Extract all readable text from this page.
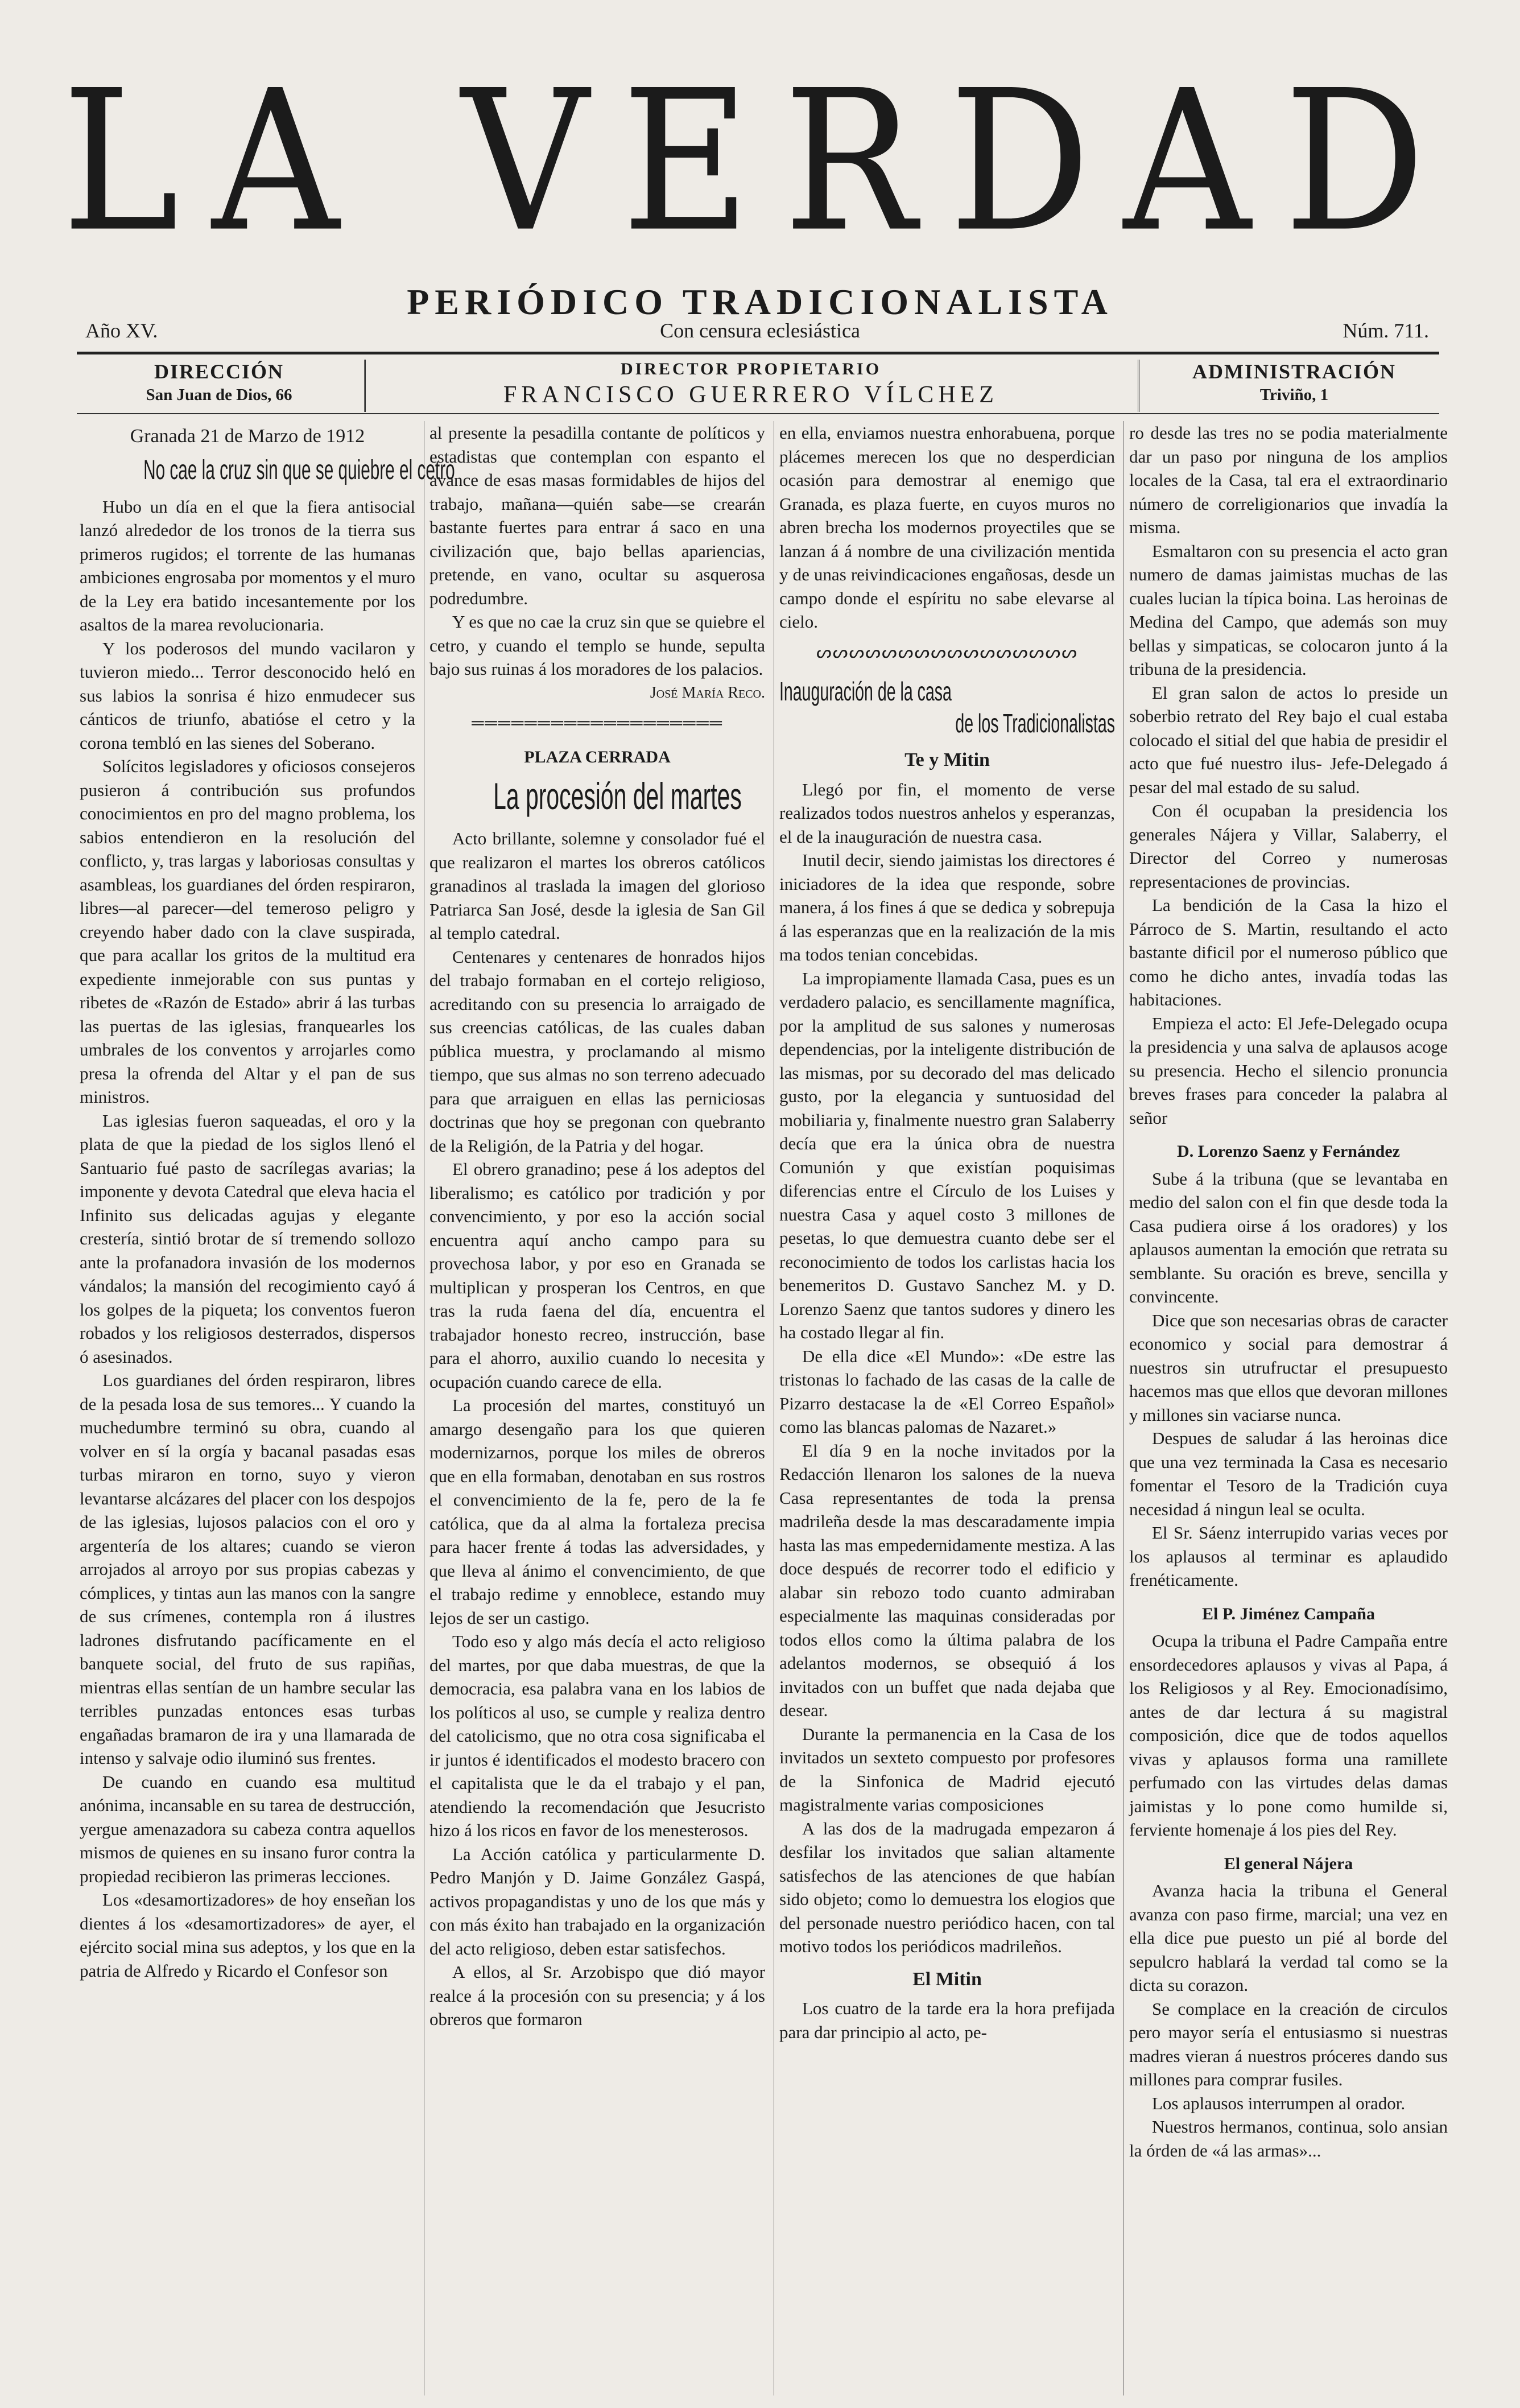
LA VERDAD
PERIÓDICO TRADICIONALISTA
Año XV.	Con censura eclesiástica	Núm. 711.
DIRECCIÓN
San Juan de Dios, 66
DIRECTOR PROPIETARIO
FRANCISCO GUERRERO VÍLCHEZ
ADMINISTRACIÓN
Triviño, 1
Granada 21 de Marzo de 1912
No cae la cruz sin que se quiebre el cetro

Hubo un día en el que la fiera antisocial lanzó alrededor de los tronos de la tierra sus primeros rugidos; el torrente de las humanas ambiciones engrosaba por momentos y el muro de la Ley era batido incesantemente por los asaltos de la marea revolucionaria.

Y los poderosos del mundo vacilaron y tuvieron miedo... Terror desconocido heló en sus labios la sonrisa é hizo enmudecer sus cánticos de triunfo, abatióse el cetro y la corona tembló en las sienes del Soberano.

Solícitos legisladores y oficiosos consejeros pusieron á contribución sus profundos conocimientos en pro del magno problema, los sabios entendieron en la resolución del conflicto, y, tras largas y laboriosas consultas y asambleas, los guardianes del órden respiraron, libres—al parecer—del temeroso peligro y creyendo haber dado con la clave suspirada, que para acallar los gritos de la multitud era expediente inmejorable con sus puntas y ribetes de «Razón de Estado» abrir á las turbas las puertas de las iglesias, franquearles los umbrales de los conventos y arrojarles como presa la ofrenda del Altar y el pan de sus ministros.

Las iglesias fueron saqueadas, el oro y la plata de que la piedad de los siglos llenó el Santuario fué pasto de sacrílegas avarias; la imponente y devota Catedral que eleva hacia el Infinito sus delicadas agujas y elegante crestería, sintió brotar de sí tremendo sollozo ante la profanadora invasión de los modernos vándalos; la mansión del recogimiento cayó á los golpes de la piqueta; los conventos fueron robados y los religiosos desterrados, dispersos ó asesinados.

Los guardianes del órden respiraron, libres de la pesada losa de sus temores... Y cuando la muchedumbre terminó su obra, cuando al volver en sí la orgía y bacanal pasadas esas turbas miraron en torno, suyo y vieron levantarse alcázares del placer con los despojos de las iglesias, lujosos palacios con el oro y argentería de los altares; cuando se vieron arrojados al arroyo por sus propias cabezas y cómplices, y tintas aun las manos con la sangre de sus crímenes, contempla ron á ilustres ladrones disfrutando pacíficamente en el banquete social, del fruto de sus rapiñas, mientras ellas sentían de un hambre secular las terribles punzadas entonces esas turbas engañadas bramaron de ira y una llamarada de intenso y salvaje odio iluminó sus frentes.

De cuando en cuando esa multitud anónima, incansable en su tarea de destrucción, yergue amenazadora su cabeza contra aquellos mismos de quienes en su insano furor contra la propiedad recibieron las primeras lecciones.

Los «desamortizadores» de hoy enseñan los dientes á los «desamortizadores» de ayer, el ejército social mina sus adeptos, y los que en la patria de Alfredo y Ricardo el Confesor son

al presente la pesadilla contante de políticos y estadistas que contemplan con espanto el avance de esas masas formidables de hijos del trabajo, mañana—quién sabe—se crearán bastante fuertes para entrar á saco en una civilización que, bajo bellas apariencias, pretende, en vano, ocultar su asquerosa podredumbre.

Y es que no cae la cruz sin que se quiebre el cetro, y cuando el templo se hunde, sepulta bajo sus ruinas á los moradores de los palacios.

José María Reco.
═══════════════════
PLAZA CERRADA
La procesión del martes

Acto brillante, solemne y consolador fué el que realizaron el martes los obreros católicos granadinos al traslada la imagen del glorioso Patriarca San José, desde la iglesia de San Gil al templo catedral.

Centenares y centenares de honrados hijos del trabajo formaban en el cortejo religioso, acreditando con su presencia lo arraigado de sus creencias católicas, de las cuales daban pública muestra, y proclamando al mismo tiempo, que sus almas no son terreno adecuado para que arraiguen en ellas las perniciosas doctrinas que hoy se pregonan con quebranto de la Religión, de la Patria y del hogar.

El obrero granadino; pese á los adeptos del liberalismo; es católico por tradición y por convencimiento, y por eso la acción social encuentra aquí ancho campo para su provechosa labor, y por eso en Granada se multiplican y prosperan los Centros, en que tras la ruda faena del día, encuentra el trabajador honesto recreo, instrucción, base para el ahorro, auxilio cuando lo necesita y ocupación cuando carece de ella.

La procesión del martes, constituyó un amargo desengaño para los que quieren modernizarnos, porque los miles de obreros que en ella formaban, denotaban en sus rostros el convencimiento de la fe, pero de la fe católica, que da al alma la fortaleza precisa para hacer frente á todas las adversidades, y que lleva al ánimo el convencimiento, de que el trabajo redime y ennoblece, estando muy lejos de ser un castigo.

Todo eso y algo más decía el acto religioso del martes, por que daba muestras, de que la democracia, esa palabra vana en los labios de los políticos al uso, se cumple y realiza dentro del catolicismo, que no otra cosa significaba el ir juntos é identificados el modesto bracero con el capitalista que le da el trabajo y el pan, atendiendo la recomendación que Jesucristo hizo á los ricos en favor de los menesterosos.

La Acción católica y particularmente D. Pedro Manjón y D. Jaime González Gaspá, activos propagandistas y uno de los que más y con más éxito han trabajado en la organización del acto religioso, deben estar satisfechos.

A ellos, al Sr. Arzobispo que dió mayor realce á la procesión con su presencia; y á los obreros que formaron

en ella, enviamos nuestra enhorabuena, porque plácemes merecen los que no desperdician ocasión para demostrar al enemigo que Granada, es plaza fuerte, en cuyos muros no abren brecha los modernos proyectiles que se lanzan á á nombre de una civilización mentida y de unas reivindicaciones engañosas, desde un campo donde el espíritu no sabe elevarse al cielo.

ᔕᔕᔕᔕᔕᔕᔕᔕᔕᔕᔕᔕᔕᔕᔕᔕ
Inauguración de la casa
de los Tradicionalistas
Te y Mitin

Llegó por fin, el momento de verse realizados todos nuestros anhelos y esperanzas, el de la inauguración de nuestra casa.

Inutil decir, siendo jaimistas los directores é iniciadores de la idea que responde, sobre manera, á los fines á que se dedica y sobrepuja á las esperanzas que en la realización de la mis ma todos tenian concebidas.

La impropiamente llamada Casa, pues es un verdadero palacio, es sencillamente magnífica, por la amplitud de sus salones y numerosas dependencias, por la inteligente distribución de las mismas, por su decorado del mas delicado gusto, por la elegancia y suntuosidad del mobiliaria y, finalmente nuestro gran Salaberry decía que era la única obra de nuestra Comunión y que existían poquisimas diferencias entre el Círculo de los Luises y nuestra Casa y aquel costo 3 millones de pesetas, lo que demuestra cuanto debe ser el reconocimiento de todos los carlistas hacia los benemeritos D. Gustavo Sanchez M. y D. Lorenzo Saenz que tantos sudores y dinero les ha costado llegar al fin.

De ella dice «El Mundo»: «De estre las tristonas lo fachado de las casas de la calle de Pizarro destacase la de «El Correo Español» como las blancas palomas de Nazaret.»

El día 9 en la noche invitados por la Redacción llenaron los salones de la nueva Casa representantes de toda la prensa madrileña desde la mas descaradamente impia hasta las mas empedernidamente mestiza. A las doce después de recorrer todo el edificio y alabar sin rebozo todo cuanto admiraban especialmente las maquinas consideradas por todos ellos como la última palabra de los adelantos modernos, se obsequió á los invitados con un buffet que nada dejaba que desear.

Durante la permanencia en la Casa de los invitados un sexteto compuesto por profesores de la Sinfonica de Madrid ejecutó magistralmente varias composiciones

A las dos de la madrugada empezaron á desfilar los invitados que salian altamente satisfechos de las atenciones de que habían sido objeto; como lo demuestra los elogios que del personade nuestro periódico hacen, con tal motivo todos los periódicos madrileños.

El Mitin

Los cuatro de la tarde era la hora prefijada para dar principio al acto, pe-

ro desde las tres no se podia materialmente dar un paso por ninguna de los amplios locales de la Casa, tal era el extraordinario número de correligionarios que invadía la misma.

Esmaltaron con su presencia el acto gran numero de damas jaimistas muchas de las cuales lucian la típica boina. Las heroinas de Medina del Campo, que además son muy bellas y simpaticas, se colocaron junto á la tribuna de la presidencia.

El gran salon de actos lo preside un soberbio retrato del Rey bajo el cual estaba colocado el sitial del que habia de presidir el acto que fué nuestro ilus- Jefe-Delegado á pesar del mal estado de su salud.

Con él ocupaban la presidencia los generales Nájera y Villar, Salaberry, el Director del Correo y numerosas representaciones de provincias.

La bendición de la Casa la hizo el Párroco de S. Martin, resultando el acto bastante dificil por el numeroso público que como he dicho antes, invadía todas las habitaciones.

Empieza el acto: El Jefe-Delegado ocupa la presidencia y una salva de aplausos acoge su presencia. Hecho el silencio pronuncia breves frases para conceder la palabra al señor

D. Lorenzo Saenz y Fernández

Sube á la tribuna (que se levantaba en medio del salon con el fin que desde toda la Casa pudiera oirse á los oradores) y los aplausos aumentan la emoción que retrata su semblante. Su oración es breve, sencilla y convincente.

Dice que son necesarias obras de caracter economico y social para demostrar á nuestros sin utrufructar el presupuesto hacemos mas que ellos que devoran millones y millones sin vaciarse nunca.

Despues de saludar á las heroinas dice que una vez terminada la Casa es necesario fomentar el Tesoro de la Tradición cuya necesidad á ningun leal se oculta.

El Sr. Sáenz interrupido varias veces por los aplausos al terminar es aplaudido frenéticamente.

El P. Jiménez Campaña

Ocupa la tribuna el Padre Campaña entre ensordecedores aplausos y vivas al Papa, á los Religiosos y al Rey. Emocionadísimo, antes de dar lectura á su magistral composición, dice que de todos aquellos vivas y aplausos forma una ramillete perfumado con las virtudes delas damas jaimistas y lo pone como humilde si, ferviente homenaje á los pies del Rey.

El general Nájera

Avanza hacia la tribuna el General avanza con paso firme, marcial; una vez en ella dice pue puesto un pié al borde del sepulcro hablará la verdad tal como se la dicta su corazon.

Se complace en la creación de circulos pero mayor sería el entusiasmo si nuestras madres vieran á nuestros próceres dando sus millones para comprar fusiles.

Los aplausos interrumpen al orador.

Nuestros hermanos, continua, solo ansian la órden de «á las armas»...
